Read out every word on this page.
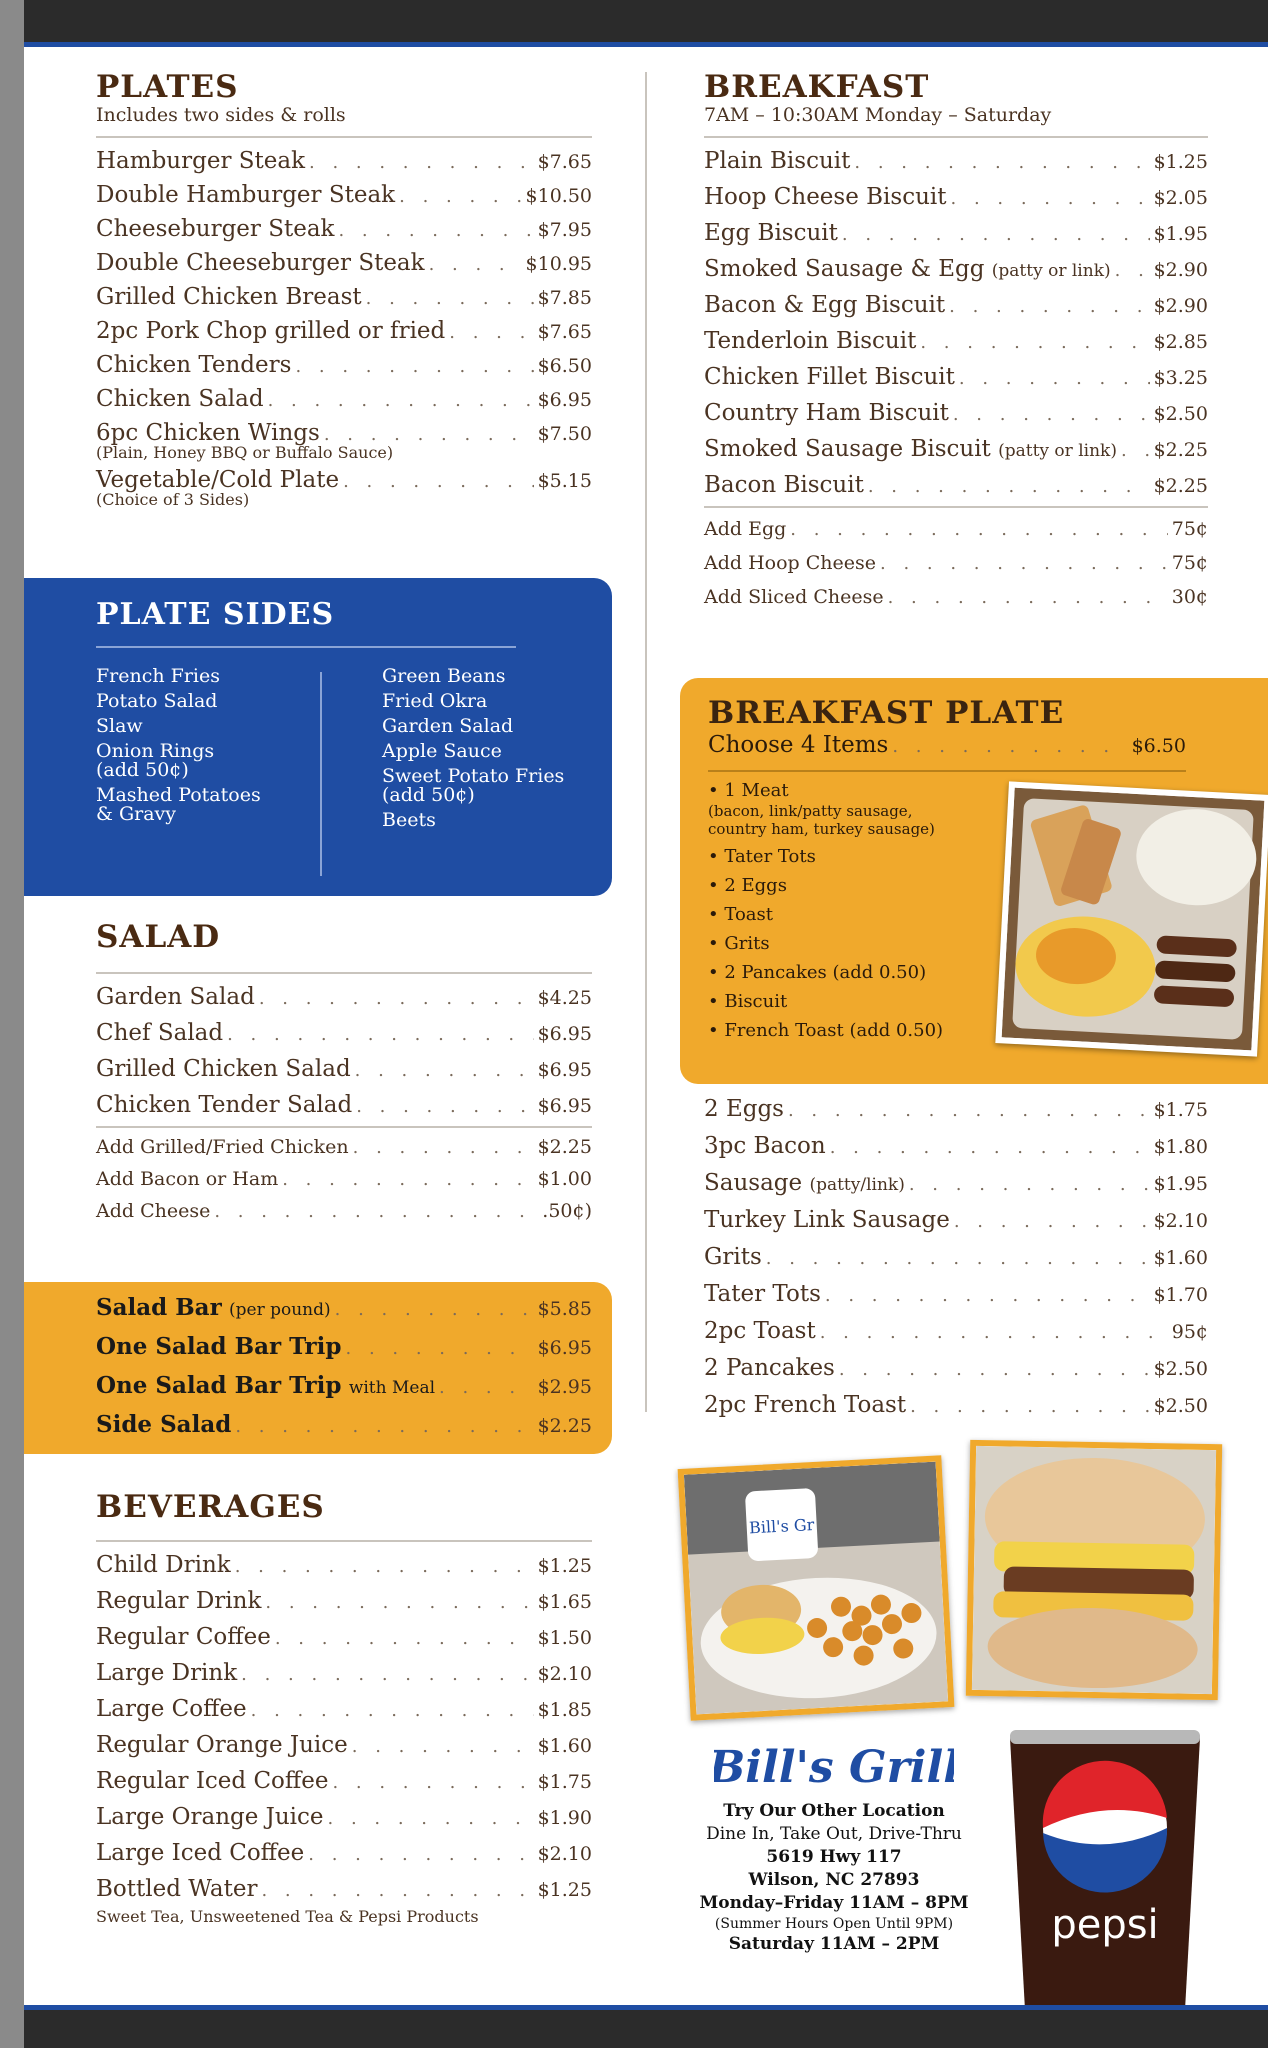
PLATES
Includes two sides & rolls
Hamburger Steak . . .	$7.65
Double Hamburger Steak . . .	$10.50
Cheeseburger Steak . . .	$7.95
Double Cheeseburger Steak . . .	$10.95
Grilled Chicken Breast . . .	$7.85
2pc Pork Chop grilled or fried . . .	$7.65
Chicken Tenders . . .	$6.50
Chicken Salad . . .	$6.95
6pc Chicken Wings . . .	$7.50
(Plain, Honey BBQ or Buffalo Sauce)
Vegetable/Cold Plate . . .	$5.15
(Choice of 3 Sides)
PLATE SIDES
French Fries
Potato Salad
Slaw
Onion Rings
(add 50¢)
Mashed Potatoes
& Gravy
Green Beans
Fried Okra
Garden Salad
Apple Sauce
Sweet Potato Fries
(add 50¢)
Beets
SALAD
Garden Salad . . .	$4.25
Chef Salad . . .	$6.95
Grilled Chicken Salad . . .	$6.95
Chicken Tender Salad . . .	$6.95
Add Grilled/Fried Chicken . . .	$2.25
Add Bacon or Ham . . .	$1.00
Add Cheese . . .	.50¢)
Salad Bar (per pound) . . .	$5.85
One Salad Bar Trip . . .	$6.95
One Salad Bar Trip with Meal . . .	$2.95
Side Salad . . .	$2.25
BEVERAGES
Child Drink . . .	$1.25
Regular Drink . . .	$1.65
Regular Coffee . . .	$1.50
Large Drink . . .	$2.10
Large Coffee . . .	$1.85
Regular Orange Juice . . .	$1.60
Regular Iced Coffee . . .	$1.75
Large Orange Juice . . .	$1.90
Large Iced Coffee . . .	$2.10
Bottled Water . . .	$1.25
Sweet Tea, Unsweetened Tea & Pepsi Products
BREAKFAST
7AM – 10:30AM Monday – Saturday
Plain Biscuit . . .	$1.25
Hoop Cheese Biscuit . . .	$2.05
Egg Biscuit . . .	$1.95
Smoked Sausage & Egg (patty or link) . . . $2.90
Bacon & Egg Biscuit . . .	$2.90
Tenderloin Biscuit . . .	$2.85
Chicken Fillet Biscuit . . .	$3.25
Country Ham Biscuit . . .	$2.50
Smoked Sausage Biscuit (patty or link) . . . $2.25
Bacon Biscuit . . .	$2.25
Add Egg . . .	75¢
Add Hoop Cheese . . .	75¢
Add Sliced Cheese . . .	30¢
BREAKFAST PLATE
Choose 4 Items . . .	$6.50
• 1 Meat
(bacon, link/patty sausage,
country ham, turkey sausage)
• Tater Tots
• 2 Eggs
• Toast
• Grits
• 2 Pancakes (add 0.50)
• Biscuit
• French Toast (add 0.50)
2 Eggs . . .	$1.75
3pc Bacon . . .	$1.80
Sausage (patty/link) . . .	$1.95
Turkey Link Sausage . . .	$2.10
Grits . . .	$1.60
Tater Tots . . .	$1.70
2pc Toast . . .	95¢
2 Pancakes . . .	$2.50
2pc French Toast . . .	$2.50
Bill's Gr
Bill's Grill
Try Our Other Location
Dine In, Take Out, Drive-Thru
5619 Hwy 117
Wilson, NC 27893
Monday–Friday 11AM – 8PM
(Summer Hours Open Until 9PM)
Saturday 11AM – 2PM	pepsi
